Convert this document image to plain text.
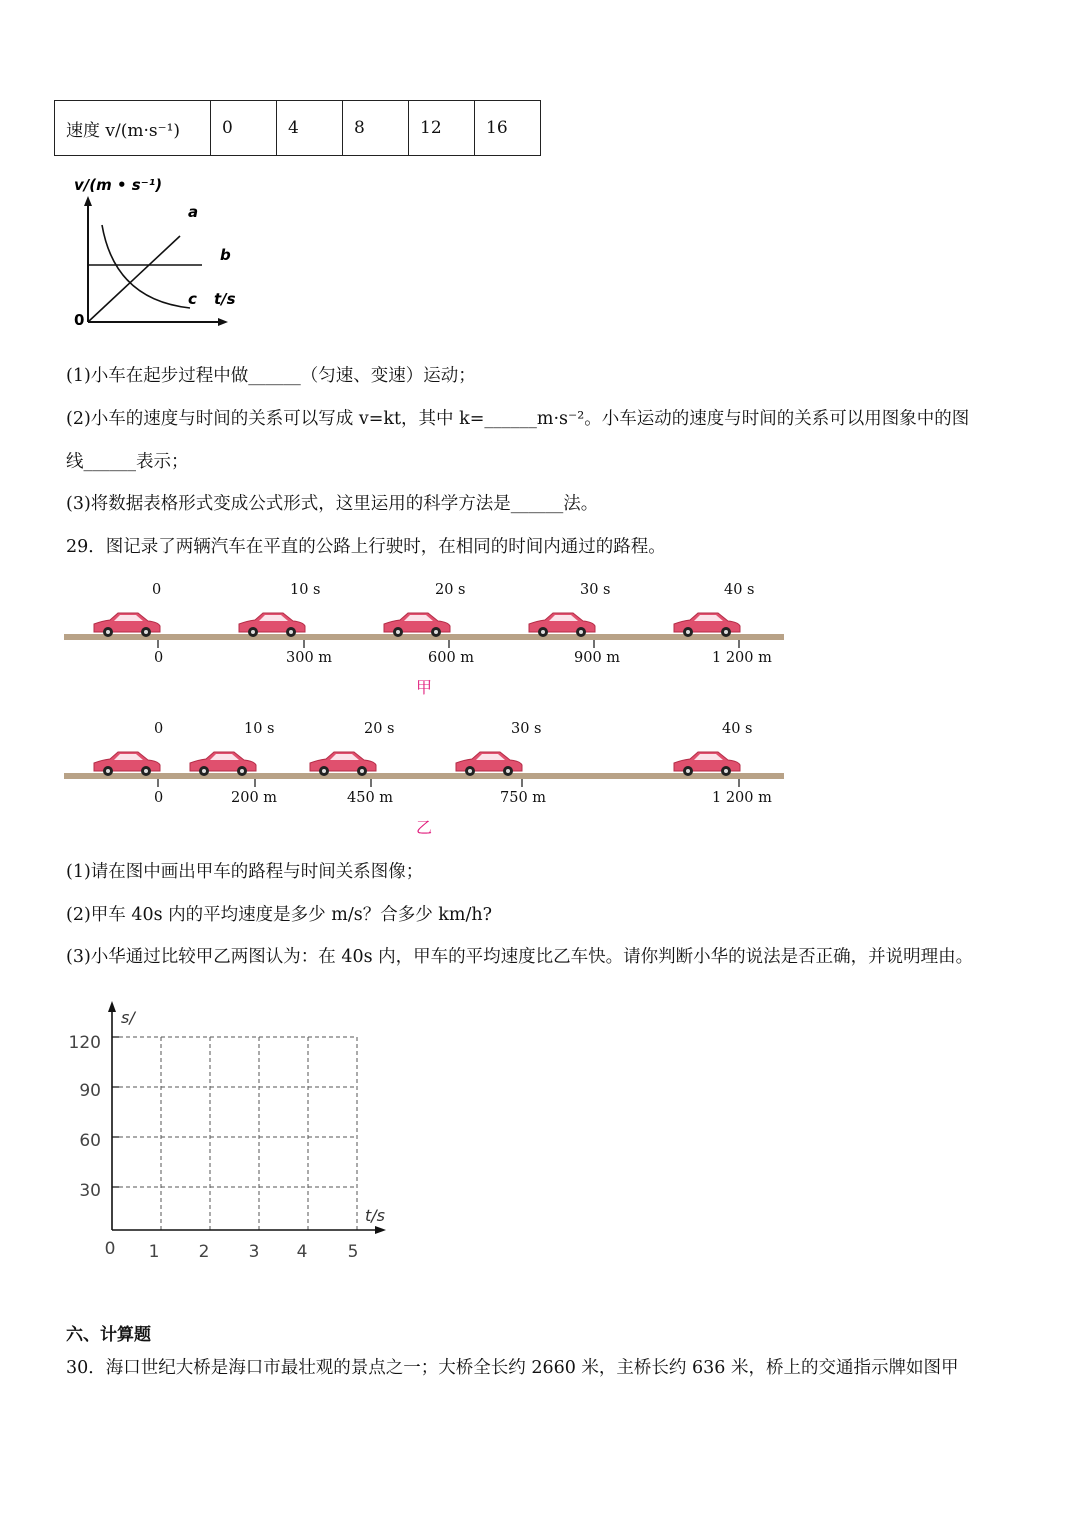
速度 v/(m·s⁻¹)	0	4	8	12	16
v/(m • s⁻¹)
a
b
c t/s
0
(1)小车在起步过程中做______（匀速、变速）运动；
(2)小车的速度与时间的关系可以写成 v=kt，其中 k=______m·s⁻²。小车运动的速度与时间的关系可以用图象中的图
线______表示；
(3)将数据表格形式变成公式形式，这里运用的科学方法是______法。
29．图记录了两辆汽车在平直的公路上行驶时，在相同的时间内通过的路程。
0	10 s	20 s	30 s	40 s
0	300 m	600 m	900 m	1 200 m
甲
0	10 s	20 s	30 s	40 s
0	200 m	450 m	750 m	1 200 m
乙
(1)请在图中画出甲车的路程与时间关系图像；
(2)甲车 40s 内的平均速度是多少 m/s？合多少 km/h?
(3)小华通过比较甲乙两图认为：在 40s 内，甲车的平均速度比乙车快。请你判断小华的说法是否正确，并说明理由。
s/
t/s
120
90
60
30
0 1 2 3 4 5
六、计算题
30．海口世纪大桥是海口市最壮观的景点之一；大桥全长约 2660 米，主桥长约 636 米，桥上的交通指示牌如图甲
